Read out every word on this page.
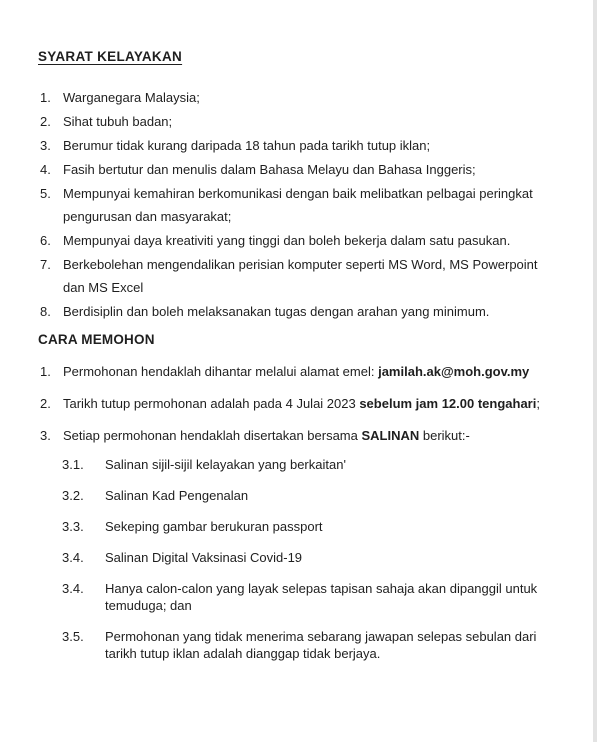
SYARAT KELAYAKAN
1. Warganegara Malaysia;
2. Sihat tubuh badan;
3. Berumur tidak kurang daripada 18 tahun pada tarikh tutup iklan;
4. Fasih bertutur dan menulis dalam Bahasa Melayu dan Bahasa Inggeris;
5. Mempunyai kemahiran berkomunikasi dengan baik melibatkan pelbagai peringkat pengurusan dan masyarakat;
6. Mempunyai daya kreativiti yang tinggi dan boleh bekerja dalam satu pasukan.
7. Berkebolehan mengendalikan perisian komputer seperti MS Word, MS Powerpoint dan MS Excel
8. Berdisiplin dan boleh melaksanakan tugas dengan arahan yang minimum.
CARA MEMOHON
1. Permohonan hendaklah dihantar melalui alamat emel: jamilah.ak@moh.gov.my
2. Tarikh tutup permohonan adalah pada 4 Julai 2023 sebelum jam 12.00 tengahari;
3. Setiap permohonan hendaklah disertakan bersama SALINAN berikut:-
3.1.	Salinan sijil-sijil kelayakan yang berkaitan'
3.2.	Salinan Kad Pengenalan
3.3.	Sekeping gambar berukuran passport
3.4.	Salinan Digital Vaksinasi Covid-19
3.4.	Hanya calon-calon yang layak selepas tapisan sahaja akan dipanggil untuk temuduga; dan
3.5.	Permohonan yang tidak menerima sebarang jawapan selepas sebulan dari tarikh tutup iklan adalah dianggap tidak berjaya.
